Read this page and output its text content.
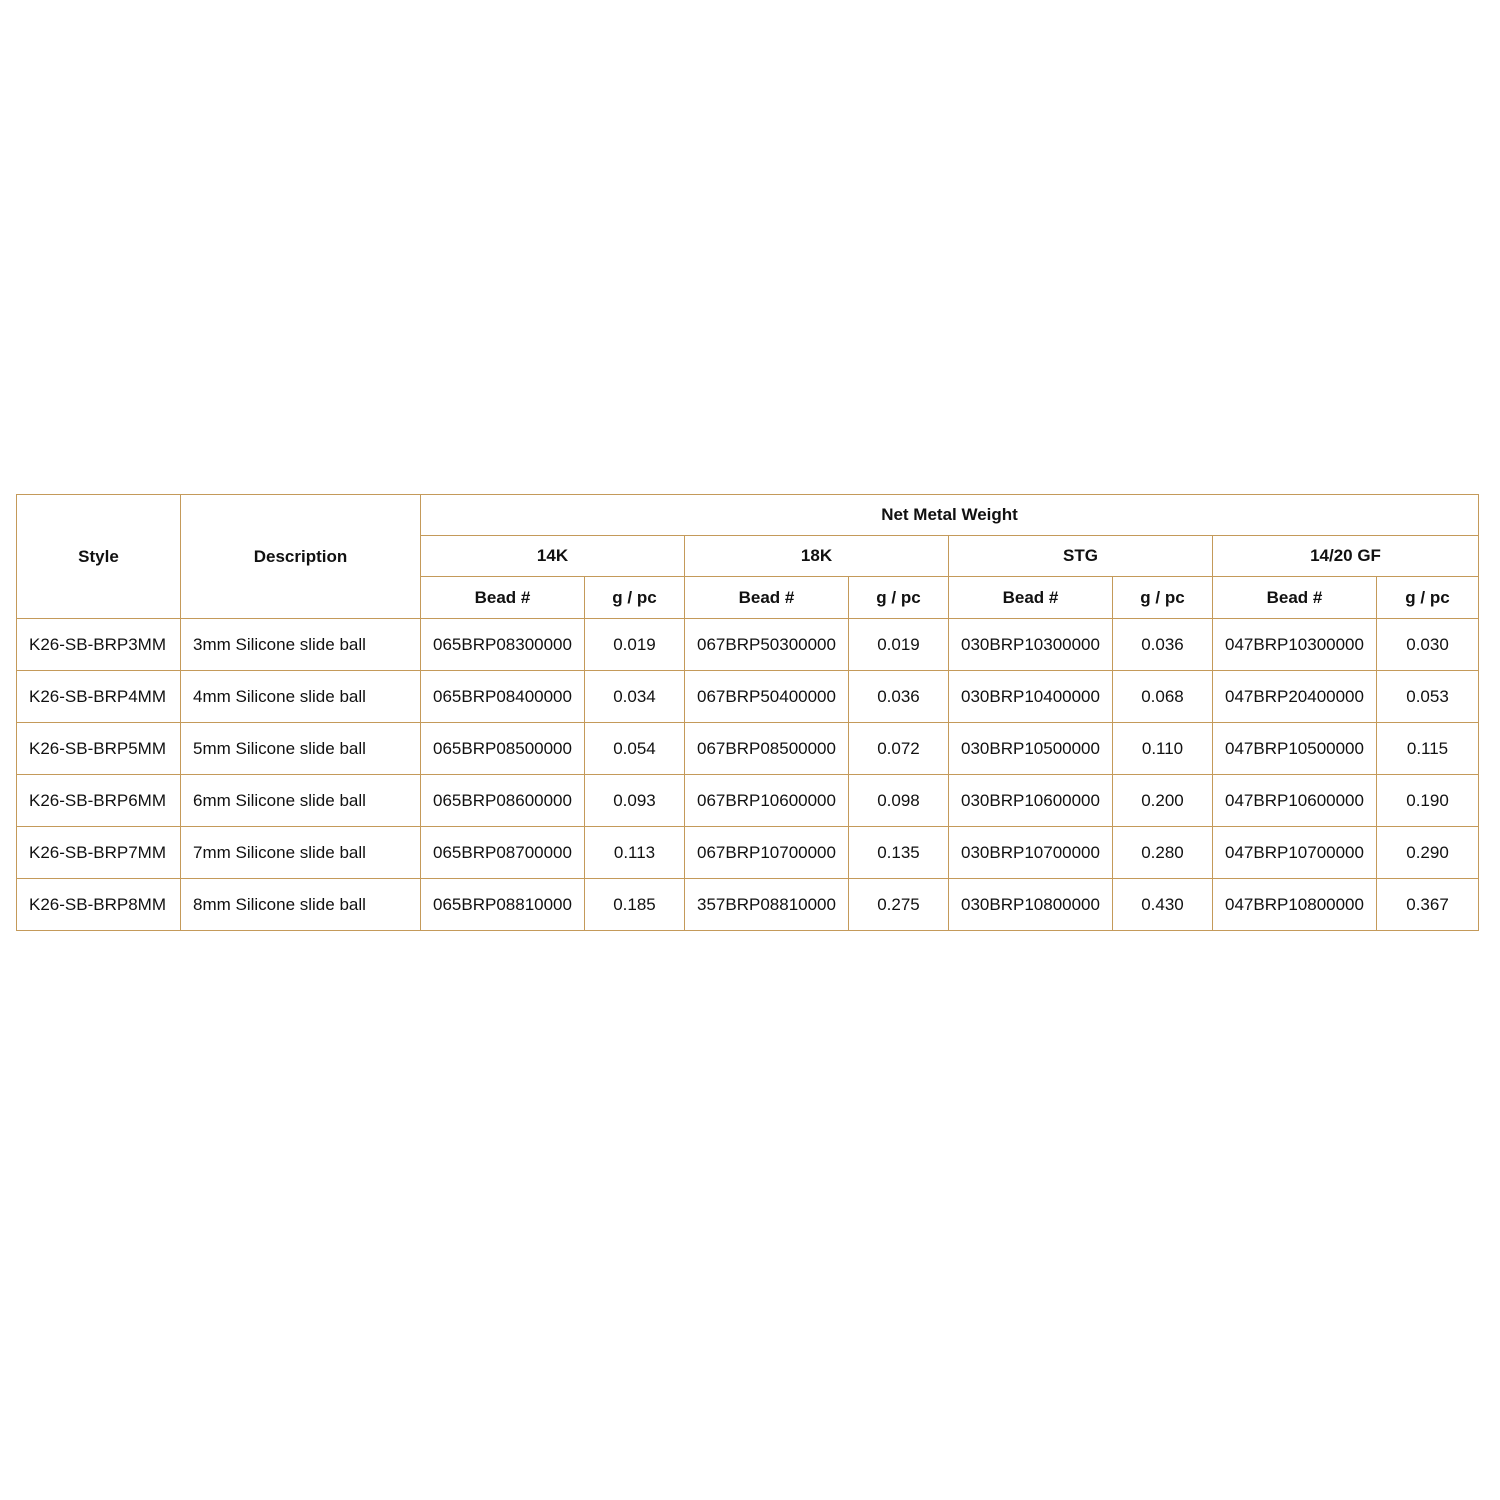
Style	Description	Net Metal Weight							
		14K		18K		STG		14/20 GF	
		Bead #	g / pc	Bead #	g / pc	Bead #	g / pc	Bead #	g / pc
K26-SB-BRP3MM	3mm Silicone slide ball	065BRP08300000	0.019	067BRP50300000	0.019	030BRP10300000	0.036	047BRP10300000	0.030
K26-SB-BRP4MM	4mm Silicone slide ball	065BRP08400000	0.034	067BRP50400000	0.036	030BRP10400000	0.068	047BRP20400000	0.053
K26-SB-BRP5MM	5mm Silicone slide ball	065BRP08500000	0.054	067BRP08500000	0.072	030BRP10500000	0.110	047BRP10500000	0.115
K26-SB-BRP6MM	6mm Silicone slide ball	065BRP08600000	0.093	067BRP10600000	0.098	030BRP10600000	0.200	047BRP10600000	0.190
K26-SB-BRP7MM	7mm Silicone slide ball	065BRP08700000	0.113	067BRP10700000	0.135	030BRP10700000	0.280	047BRP10700000	0.290
K26-SB-BRP8MM	8mm Silicone slide ball	065BRP08810000	0.185	357BRP08810000	0.275	030BRP10800000	0.430	047BRP10800000	0.367
